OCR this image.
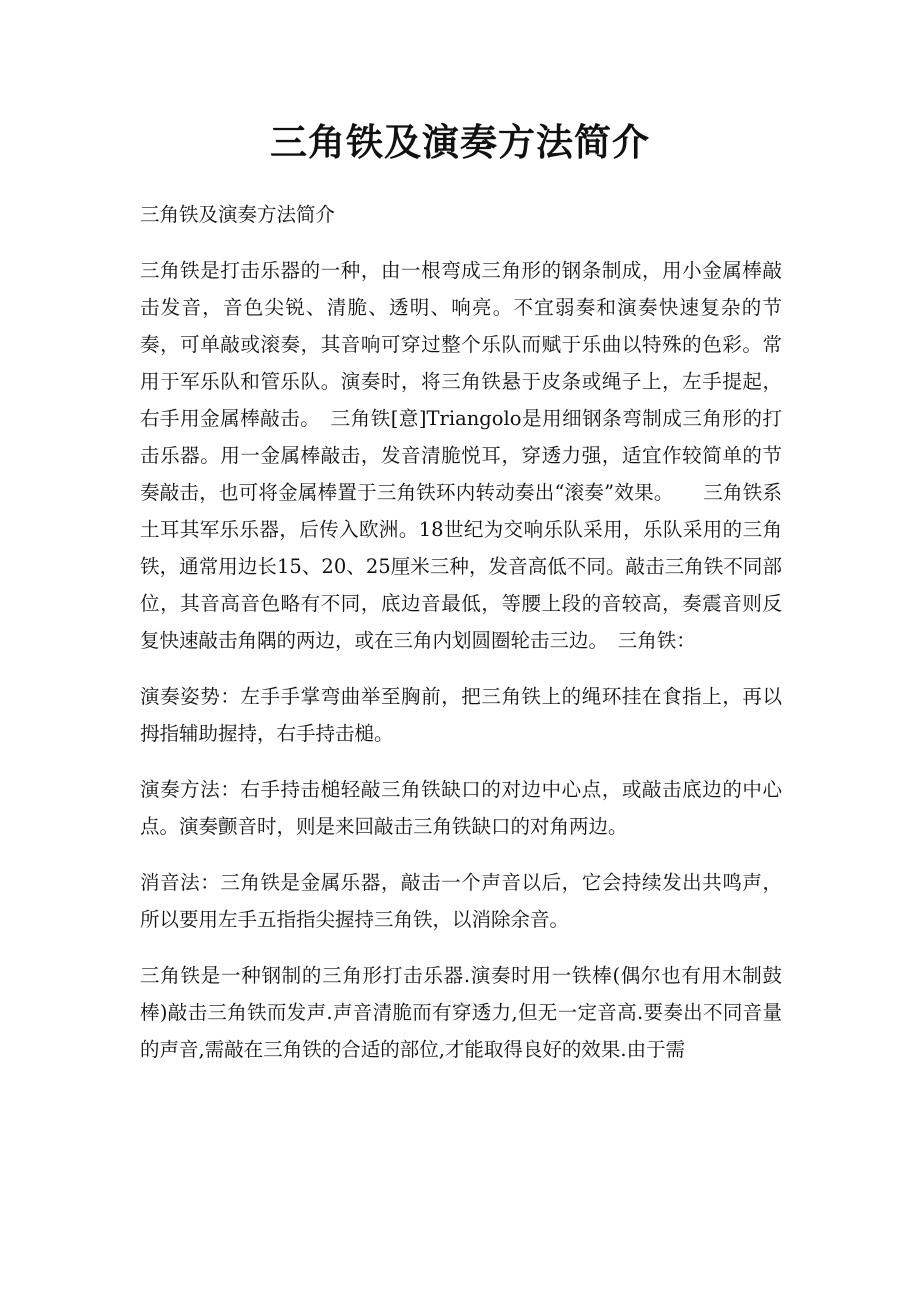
三角铁及演奏方法简介

三角铁及演奏方法简介

三角铁是打击乐器的一种，由一根弯成三角形的钢条制成，用小金属棒敲击发音，音色尖锐、清脆、透明、响亮。不宜弱奏和演奏快速复杂的节奏，可单敲或滚奏，其音响可穿过整个乐队而赋于乐曲以特殊的色彩。常用于军乐队和管乐队。演奏时，将三角铁悬于皮条或绳子上，左手提起，右手用金属棒敲击。　三角铁[意]Triangolo是用细钢条弯制成三角形的打击乐器。用一金属棒敲击，发音清脆悦耳，穿透力强，适宜作较简单的节奏敲击，也可将金属棒置于三角铁环内转动奏出“滚奏”效果。　　三角铁系土耳其军乐乐器，后传入欧洲。18世纪为交响乐队采用，乐队采用的三角铁，通常用边长15、20、25厘米三种，发音高低不同。敲击三角铁不同部位，其音高音色略有不同，底边音最低，等腰上段的音较高，奏震音则反复快速敲击角隅的两边，或在三角内划圆圈轮击三边。　三角铁：

演奏姿势：左手手掌弯曲举至胸前，把三角铁上的绳环挂在食指上，再以拇指辅助握持，右手持击槌。

演奏方法：右手持击槌轻敲三角铁缺口的对边中心点，或敲击底边的中心点。演奏颤音时，则是来回敲击三角铁缺口的对角两边。

消音法：三角铁是金属乐器，敲击一个声音以后，它会持续发出共鸣声，所以要用左手五指指尖握持三角铁，以消除余音。

三角铁是一种钢制的三角形打击乐器.演奏时用一铁棒(偶尔也有用木制鼓棒)敲击三角铁而发声.声音清脆而有穿透力,但无一定音高.要奏出不同音量的声音,需敲在三角铁的合适的部位,才能取得良好的效果.由于需
